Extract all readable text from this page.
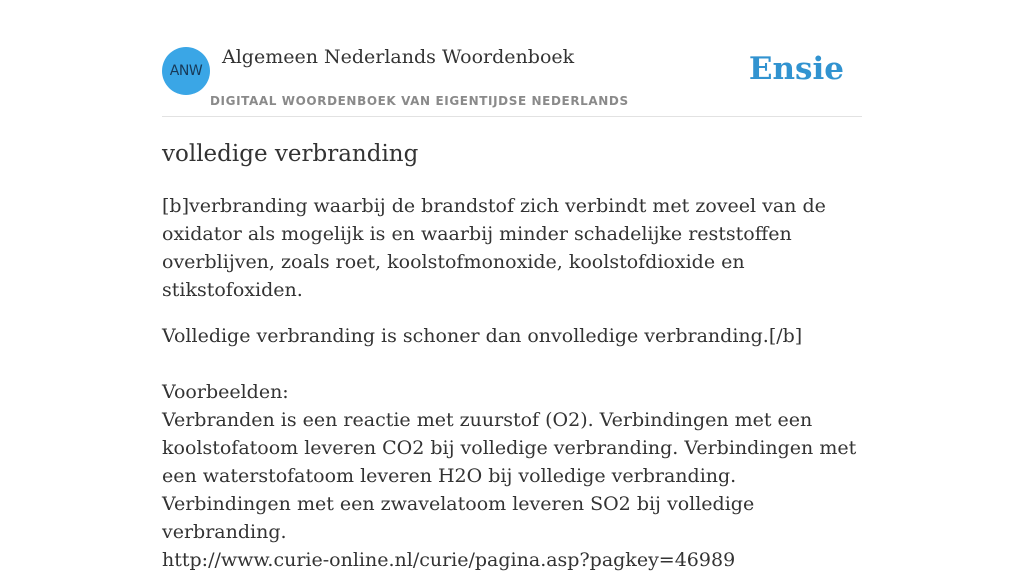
ANW
Algemeen Nederlands Woordenboek
DIGITAAL WOORDENBOEK VAN EIGENTIJDSE NEDERLANDS
Ensie
volledige verbranding

[b]verbranding waarbij de brandstof zich verbindt met zoveel van de oxidator als mogelijk is en waarbij minder schadelijke reststoffen overblijven, zoals roet, koolstofmonoxide, koolstofdioxide en stikstofoxiden.

Volledige verbranding is schoner dan onvolledige verbranding.[/b]

Voorbeelden:
Verbranden is een reactie met zuurstof (O2). Verbindingen met een koolstofatoom leveren CO2 bij volledige verbranding. Verbindingen met een waterstofatoom leveren H2O bij volledige verbranding. Verbindingen met een zwavelatoom leveren SO2 bij volledige verbranding.
http://www.curie-online.nl/curie/pagina.asp?pagkey=46989
